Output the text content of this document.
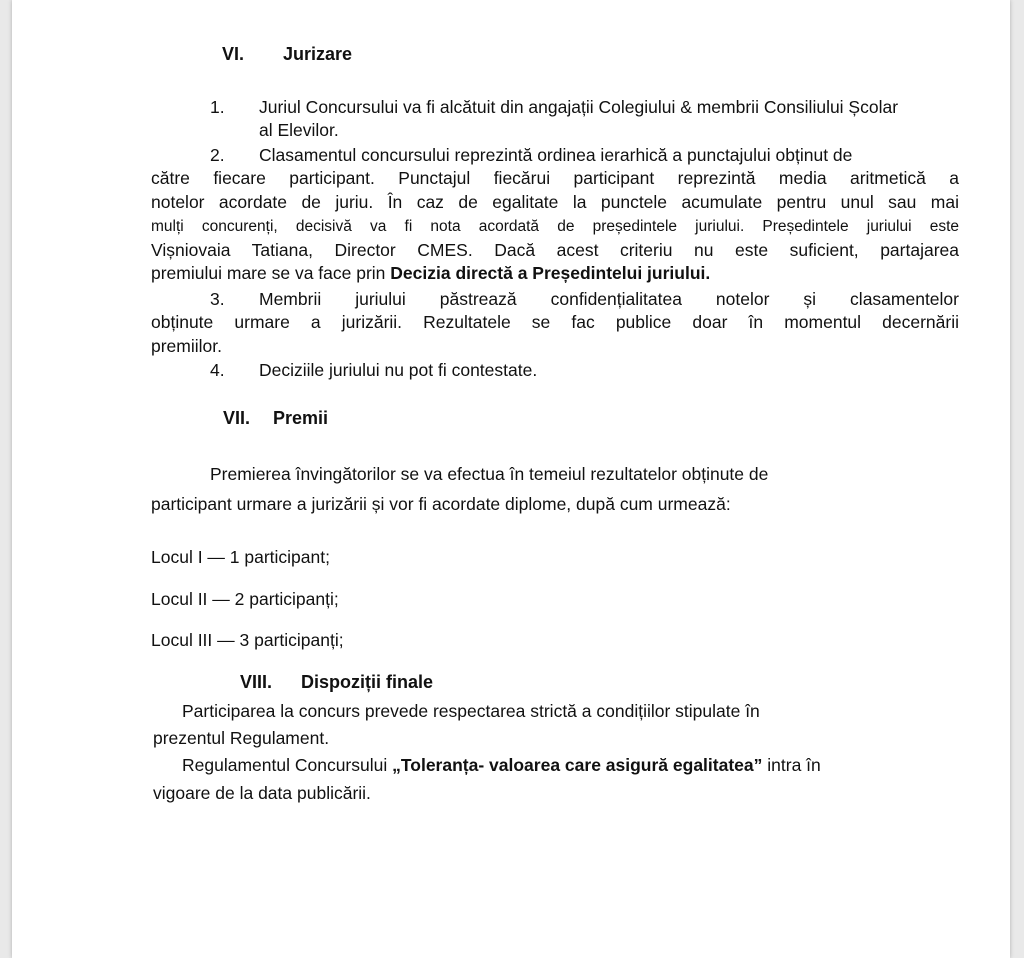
VI. Jurizare
1. Juriul Concursului va fi alcătuit din angajații Colegiului & membrii Consiliului Școlar
al Elevilor.
2. Clasamentul concursului reprezintă ordinea ierarhică a punctajului obținut de
către fiecare participant. Punctajul fiecărui participant reprezintă media aritmetică a
notelor acordate de juriu. În caz de egalitate la punctele acumulate pentru unul sau mai
mulți concurenți, decisivă va fi nota acordată de președintele juriului. Președintele juriului este
Vișniovaia Tatiana, Director CMES. Dacă acest criteriu nu este suficient, partajarea
premiului mare se va face prin Decizia directă a Președintelui juriului.
3. Membrii juriului păstrează confidențialitatea notelor și clasamentelor
obținute urmare a jurizării. Rezultatele se fac publice doar în momentul decernării
premiilor.
4. Deciziile juriului nu pot fi contestate.
VII. Premii
Premierea învingătorilor se va efectua în temeiul rezultatelor obținute de
participant urmare a jurizării și vor fi acordate diplome, după cum urmează:
Locul I — 1 participant;
Locul II — 2 participanți;
Locul III — 3 participanți;
VIII. Dispoziții finale
Participarea la concurs prevede respectarea strictă a condițiilor stipulate în
prezentul Regulament.
Regulamentul Concursului „Toleranța- valoarea care asigură egalitatea” intra în
vigoare de la data publicării.
